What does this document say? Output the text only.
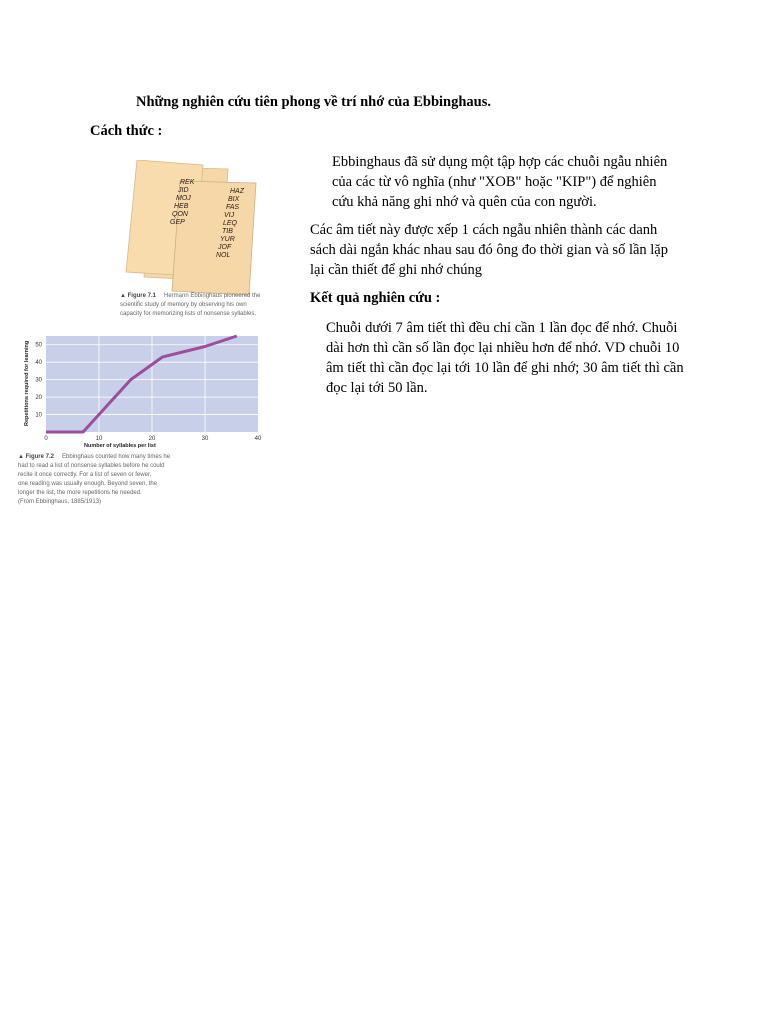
Những nghiên cứu tiên phong về trí nhớ của Ebbinghaus.
Cách thức :
Ebbinghaus đã sử dụng một tập hợp các chuỗi ngẫu nhiên của các từ vô nghĩa (như "XOB" hoặc "KIP") để nghiên cứu khả năng ghi nhớ và quên của con người.
Các âm tiết này được xếp 1 cách ngẫu nhiên thành các danh sách dài ngắn khác nhau sau đó ông đo thời gian và số lần lặp lại cần thiết để ghi nhớ chúng
Kết quả nghiên cứu :
Chuỗi dưới 7 âm tiết thì đều chỉ cần 1 lần đọc để nhớ. Chuỗi dài hơn thì cần số lần đọc lại nhiều hơn để nhớ. VD chuỗi 10 âm tiết thì cần đọc lại tới 10 lần để ghi nhớ; 30 âm tiết thì cần đọc lại tới 50 lần.
REK
JID
MOJ
HEB
QON
GEP
HAZ
BIX
FAS
VIJ
LEQ
TIB
YUR
JOF
NOL
▲ Figure 7.1 Hermann Ebbinghaus pioneered the
scientific study of memory by observing his own
capacity for memorizing lists of nonsense syllables.
10
20
30
40
50
0	10	20	30	40
Number of syllables per list
Repetitions required for learning
▲ Figure 7.2 Ebbinghaus counted how many times he
had to read a list of nonsense syllables before he could
recite it once correctly. For a list of seven or fewer,
one reading was usually enough. Beyond seven, the
longer the list, the more repetitions he needed.
(From Ebbinghaus, 1885/1913)
